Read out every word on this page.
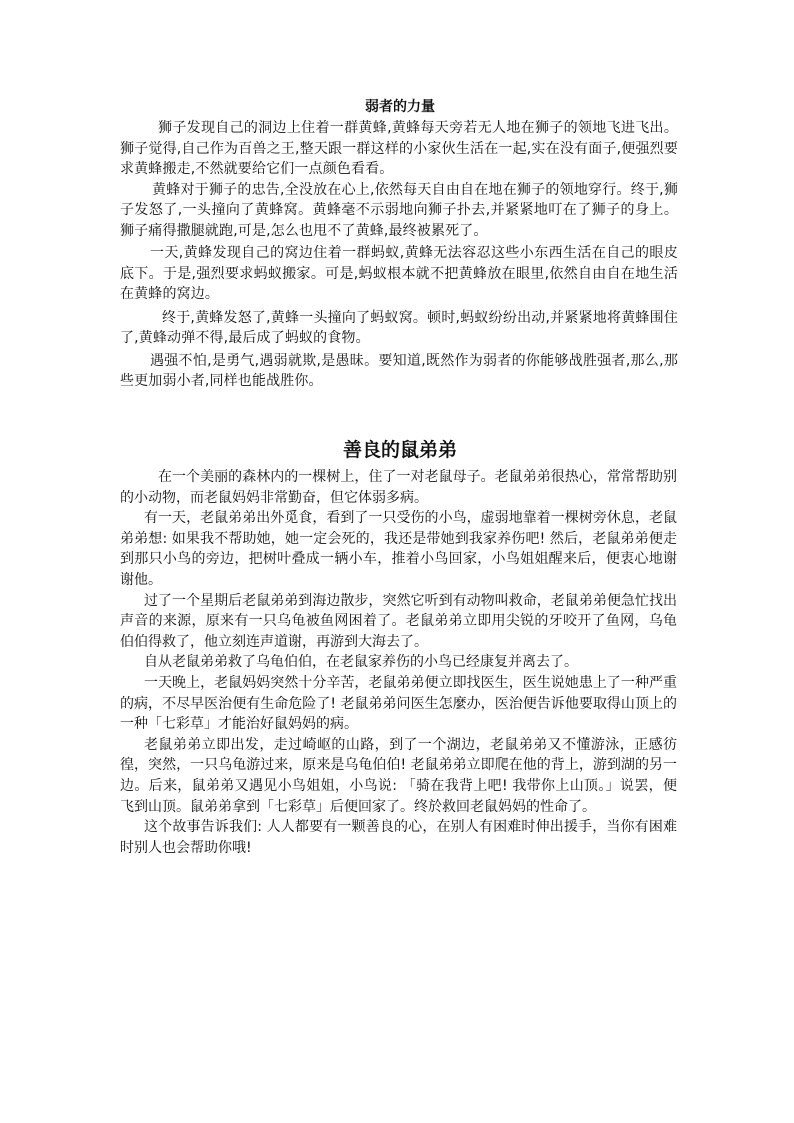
弱者的力量

狮子发现自己的洞边上住着一群黄蜂,黄蜂每天旁若无人地在狮子的领地飞进飞出。狮子觉得,自己作为百兽之王,整天跟一群这样的小家伙生活在一起,实在没有面子,便强烈要求黄蜂搬走,不然就要给它们一点颜色看看。

黄蜂对于狮子的忠告,全没放在心上,依然每天自由自在地在狮子的领地穿行。终于,狮子发怒了,一头撞向了黄蜂窝。黄蜂毫不示弱地向狮子扑去,并紧紧地叮在了狮子的身上。狮子痛得撒腿就跑,可是,怎么也甩不了黄蜂,最终被累死了。

一天,黄蜂发现自己的窝边住着一群蚂蚁,黄蜂无法容忍这些小东西生活在自己的眼皮底下。于是,强烈要求蚂蚁搬家。可是,蚂蚁根本就不把黄蜂放在眼里,依然自由自在地生活在黄蜂的窝边。

终于,黄蜂发怒了,黄蜂一头撞向了蚂蚁窝。顿时,蚂蚁纷纷出动,并紧紧地将黄蜂围住了,黄蜂动弹不得,最后成了蚂蚁的食物。

遇强不怕,是勇气,遇弱就欺,是愚昧。要知道,既然作为弱者的你能够战胜强者,那么,那些更加弱小者,同样也能战胜你。

善良的鼠弟弟

在一个美丽的森林内的一棵树上，住了一对老鼠母子。老鼠弟弟很热心，常常帮助别的小动物，而老鼠妈妈非常勤奋，但它体弱多病。

有一天，老鼠弟弟出外觅食，看到了一只受伤的小鸟，虚弱地靠着一棵树旁休息，老鼠弟弟想: 如果我不帮助她，她一定会死的，我还是带她到我家养伤吧! 然后，老鼠弟弟便走到那只小鸟的旁边，把树叶叠成一辆小车，推着小鸟回家，小鸟姐姐醒来后，便衷心地谢谢他。

过了一个星期后老鼠弟弟到海边散步，突然它听到有动物叫救命，老鼠弟弟便急忙找出声音的来源，原来有一只乌龟被鱼网困着了。老鼠弟弟立即用尖锐的牙咬开了鱼网，乌龟伯伯得救了，他立刻连声道谢，再游到大海去了。

自从老鼠弟弟救了乌龟伯伯，在老鼠家养伤的小鸟已经康复并离去了。

一天晚上，老鼠妈妈突然十分辛苦，老鼠弟弟便立即找医生，医生说她患上了一种严重的病，不尽早医治便有生命危险了! 老鼠弟弟问医生怎麼办，医治便告诉他要取得山顶上的一种「七彩草」才能治好鼠妈妈的病。

老鼠弟弟立即出发，走过崎岖的山路，到了一个湖边，老鼠弟弟又不懂游泳，正感彷徨，突然，一只乌龟游过来，原来是乌龟伯伯! 老鼠弟弟立即爬在他的背上，游到湖的另一边。后来，鼠弟弟又遇见小鸟姐姐，小鸟说: 「骑在我背上吧! 我带你上山顶。」说罢，便飞到山顶。鼠弟弟拿到「七彩草」后便回家了。终於救回老鼠妈妈的性命了。

这个故事告诉我们: 人人都要有一颗善良的心，在别人有困难时伸出援手，当你有困难时别人也会帮助你哦!
